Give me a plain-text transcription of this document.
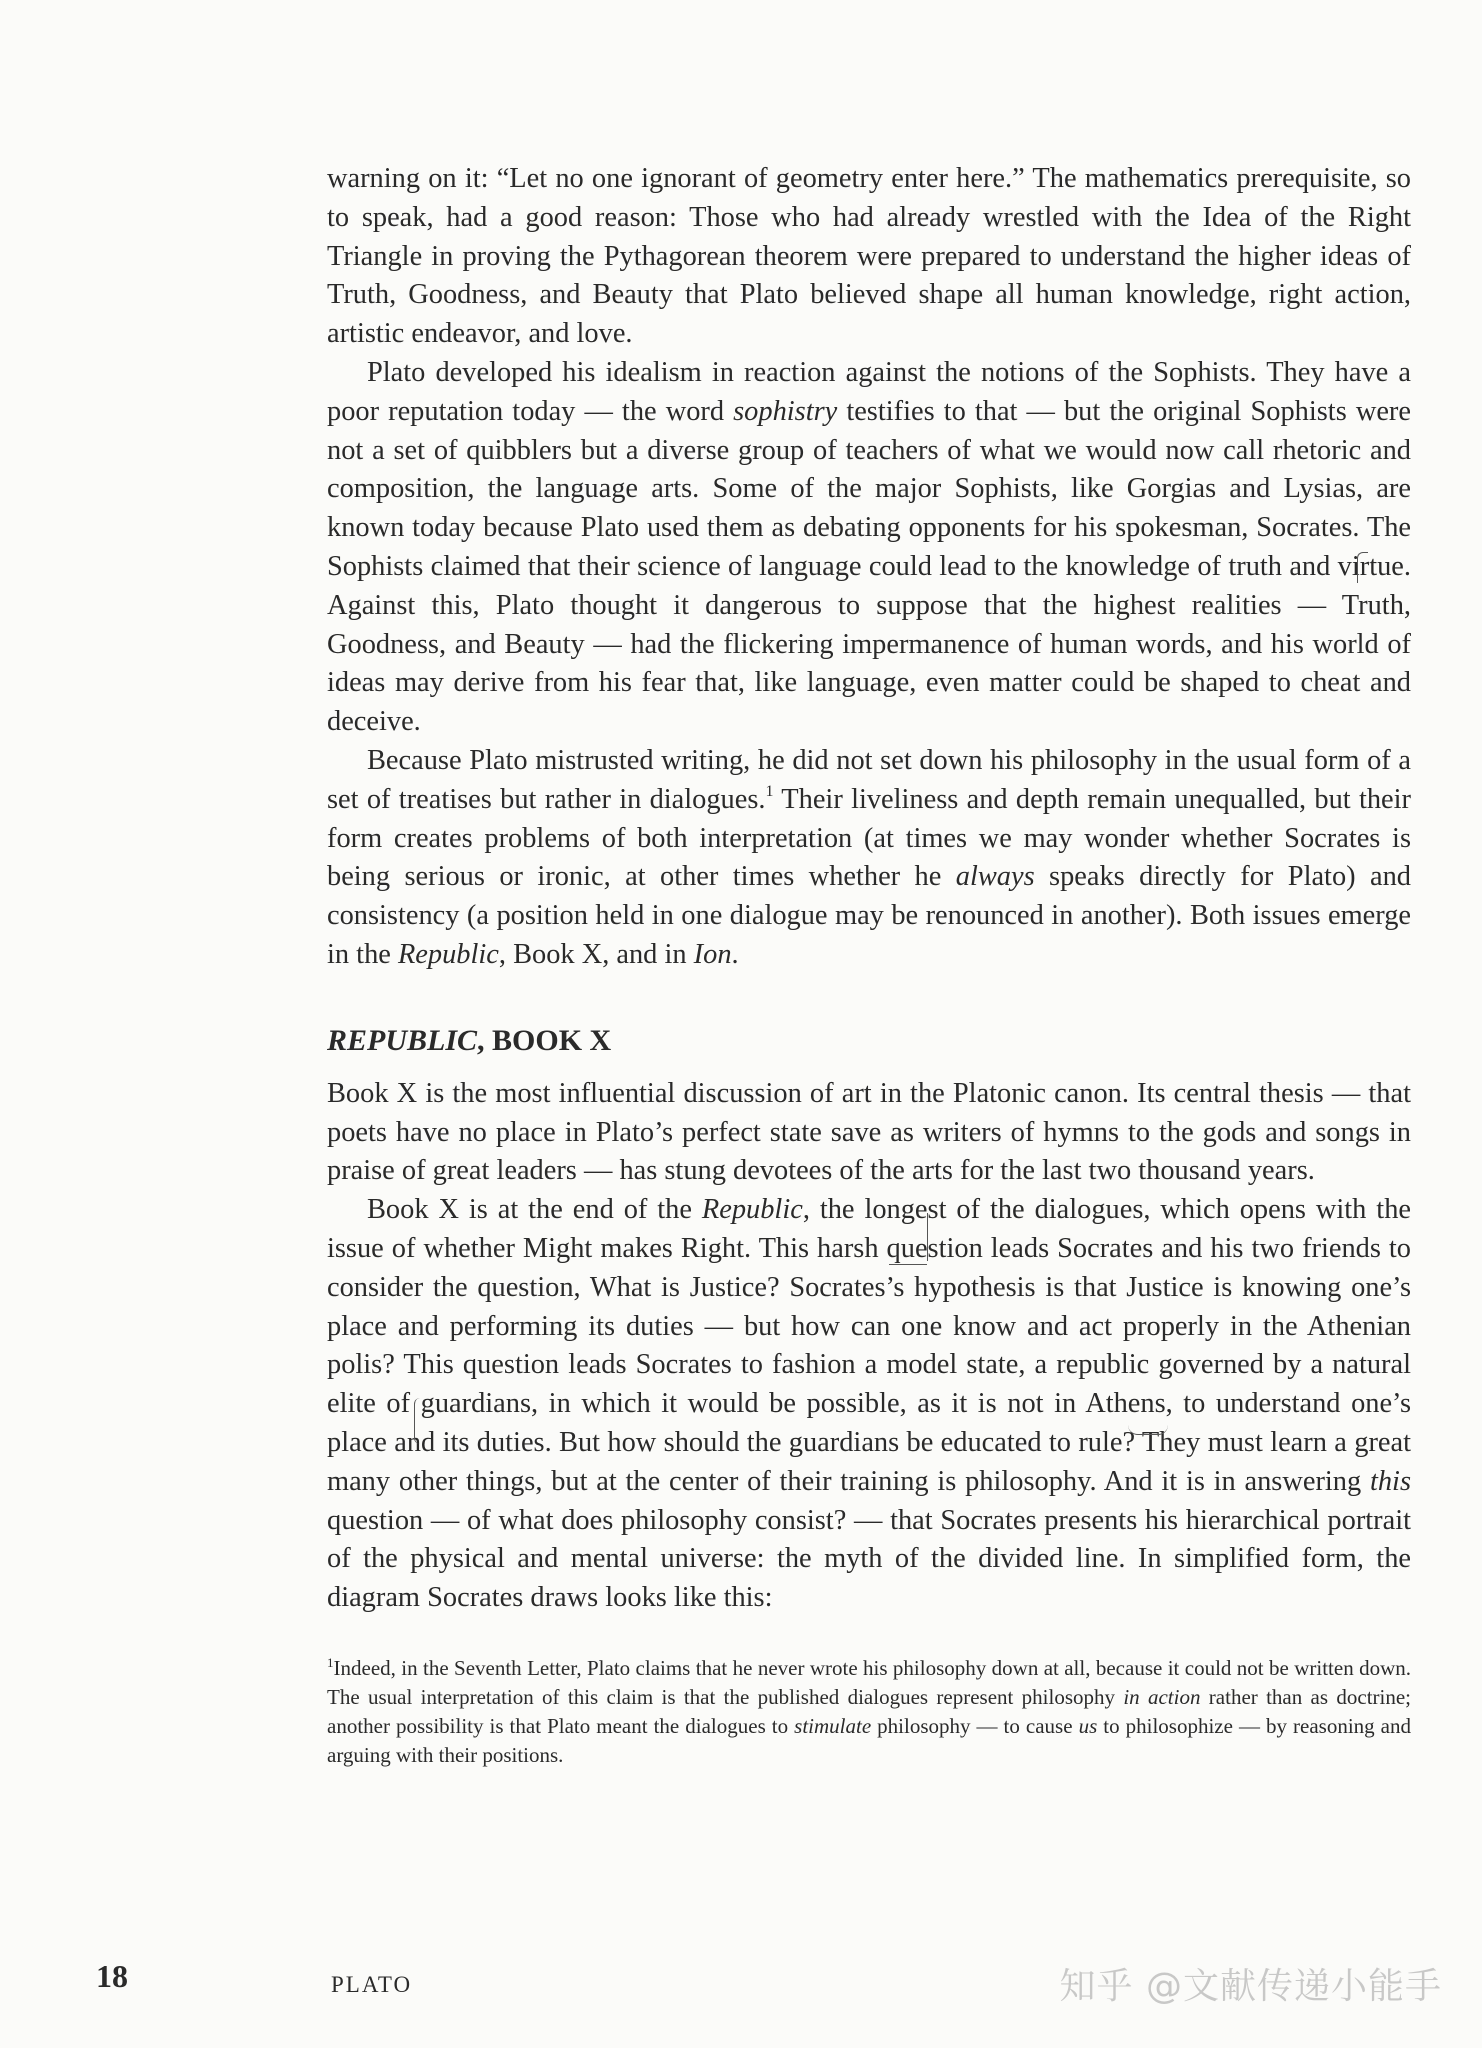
warning on it: “Let no one ignorant of geometry enter here.” The mathematics prerequisite, so to speak, had a good reason: Those who had already wrestled with the Idea of the Right Triangle in proving the Pythagorean theorem were prepared to understand the higher ideas of Truth, Goodness, and Beauty that Plato believed shape all human knowledge, right action, artistic endeavor, and love.

Plato developed his idealism in reaction against the notions of the Sophists. They have a poor reputation today — the word sophistry testifies to that — but the original Sophists were not a set of quibblers but a diverse group of teachers of what we would now call rhetoric and composition, the language arts. Some of the major Sophists, like Gorgias and Lysias, are known today because Plato used them as debating opponents for his spokesman, Socrates. The Sophists claimed that their science of language could lead to the knowledge of truth and virtue. Against this, Plato thought it dangerous to suppose that the highest realities — Truth, Goodness, and Beauty — had the flickering impermanence of human words, and his world of ideas may derive from his fear that, like language, even matter could be shaped to cheat and deceive.

Because Plato mistrusted writing, he did not set down his philosophy in the usual form of a set of treatises but rather in dialogues.$^1$ Their liveliness and depth remain unequalled, but their form creates problems of both interpretation (at times we may wonder whether Socrates is being serious or ironic, at other times whether he always speaks directly for Plato) and consistency (a position held in one dialogue may be renounced in another). Both issues emerge in the Republic, Book X, and in Ion.

REPUBLIC, BOOK X

Book X is the most influential discussion of art in the Platonic canon. Its central thesis — that poets have no place in Plato’s perfect state save as writers of hymns to the gods and songs in praise of great leaders — has stung devotees of the arts for the last two thousand years.

Book X is at the end of the Republic, the longest of the dialogues, which opens with the issue of whether Might makes Right. This harsh question leads Socrates and his two friends to consider the question, What is Justice? Socrates’s hypothesis is that Justice is knowing one’s place and performing its duties — but how can one know and act properly in the Athenian polis? This question leads Socrates to fashion a model state, a republic governed by a natural elite of guardians, in which it would be possible, as it is not in Athens, to understand one’s place and its duties. But how should the guardians be educated to rule? They must learn a great many other things, but at the center of their training is philosophy. And it is in answering this question — of what does philosophy consist? — that Socrates presents his hierarchical portrait of the physical and mental universe: the myth of the divided line. In simplified form, the diagram Socrates draws looks like this:

$^1$Indeed, in the Seventh Letter, Plato claims that he never wrote his philosophy down at all, because it could not be written down. The usual interpretation of this claim is that the published dialogues represent philosophy in action rather than as doctrine; another possibility is that Plato meant the dialogues to stimulate philosophy — to cause us to philosophize — by reasoning and arguing with their positions.
18	PLATO	知乎 @文献传递小能手
